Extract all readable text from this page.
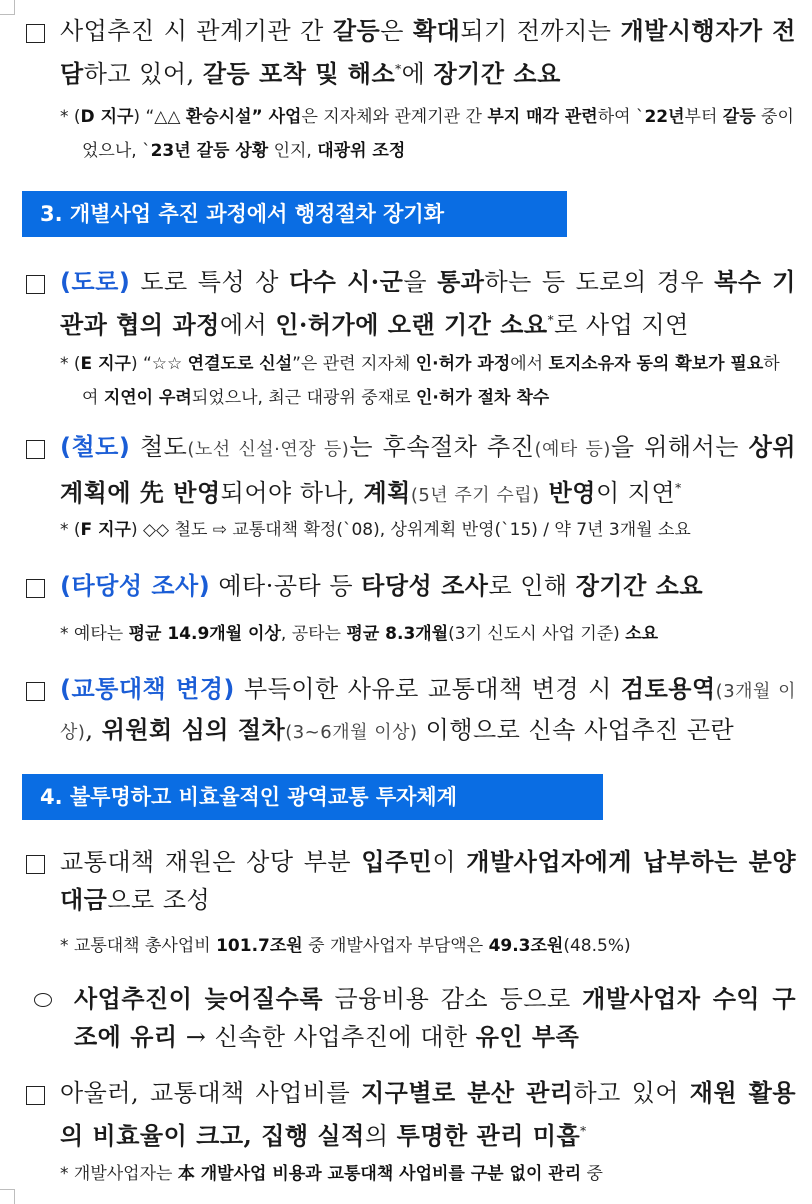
사업추진 시 관계기관 간 갈등은 확대되기 전까지는 개발시행자가 전담하고 있어, 갈등 포착 및 해소*에 장기간 소요
* (D 지구) “△△ 환승시설” 사업은 지자체와 관계기관 간 부지 매각 관련하여 `22년부터 갈등 중이었으나, `23년 갈등 상황 인지, 대광위 조정
3. 개별사업 추진 과정에서 행정절차 장기화
(도로) 도로 특성 상 다수 시·군을 통과하는 등 도로의 경우 복수 기관과 협의 과정에서 인·허가에 오랜 기간 소요*로 사업 지연
* (E 지구) “☆☆ 연결도로 신설”은 관련 지자체 인·허가 과정에서 토지소유자 동의 확보가 필요하여 지연이 우려되었으나, 최근 대광위 중재로 인·허가 절차 착수
(철도) 철도(노선 신설·연장 등)는 후속절차 추진(예타 등)을 위해서는 상위계획에 先 반영되어야 하나, 계획(5년 주기 수립) 반영이 지연*
* (F 지구) ◇◇ 철도 ⇨ 교통대책 확정(`08), 상위계획 반영(`15) / 약 7년 3개월 소요
(타당성 조사) 예타·공타 등 타당성 조사로 인해 장기간 소요
* 예타는 평균 14.9개월 이상, 공타는 평균 8.3개월(3기 신도시 사업 기준) 소요
(교통대책 변경) 부득이한 사유로 교통대책 변경 시 검토용역(3개월 이상), 위원회 심의 절차(3~6개월 이상) 이행으로 신속 사업추진 곤란
4. 불투명하고 비효율적인 광역교통 투자체계
교통대책 재원은 상당 부분 입주민이 개발사업자에게 납부하는 분양 대금으로 조성
* 교통대책 총사업비 101.7조원 중 개발사업자 부담액은 49.3조원(48.5%)
사업추진이 늦어질수록 금융비용 감소 등으로 개발사업자 수익 구조에 유리 → 신속한 사업추진에 대한 유인 부족
아울러, 교통대책 사업비를 지구별로 분산 관리하고 있어 재원 활용의 비효율이 크고, 집행 실적의 투명한 관리 미흡*
* 개발사업자는 本 개발사업 비용과 교통대책 사업비를 구분 없이 관리 중
